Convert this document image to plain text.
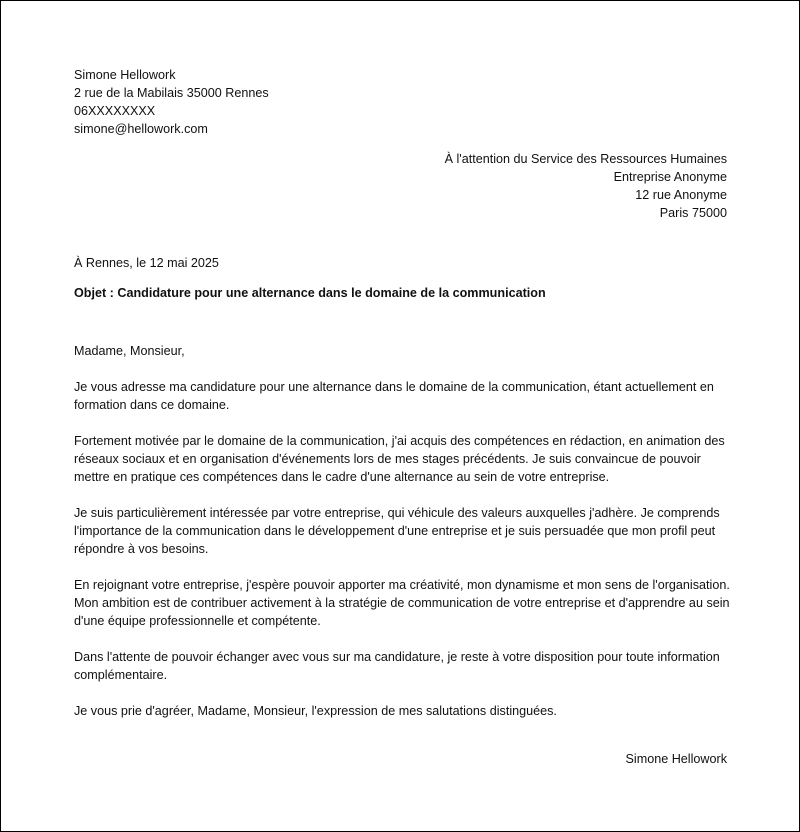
Simone Hellowork
2 rue de la Mabilais 35000 Rennes
06XXXXXXXX
simone@hellowork.com
À l'attention du Service des Ressources Humaines
Entreprise Anonyme
12 rue Anonyme
Paris 75000
À Rennes, le 12 mai 2025
Objet : Candidature pour une alternance dans le domaine de la communication

Madame, Monsieur,

Je vous adresse ma candidature pour une alternance dans le domaine de la communication, étant actuellement en formation dans ce domaine.

Fortement motivée par le domaine de la communication, j'ai acquis des compétences en rédaction, en animation des réseaux sociaux et en organisation d'événements lors de mes stages précédents. Je suis convaincue de pouvoir mettre en pratique ces compétences dans le cadre d'une alternance au sein de votre entreprise.

Je suis particulièrement intéressée par votre entreprise, qui véhicule des valeurs auxquelles j'adhère. Je comprends l'importance de la communication dans le développement d'une entreprise et je suis persuadée que mon profil peut répondre à vos besoins.

En rejoignant votre entreprise, j'espère pouvoir apporter ma créativité, mon dynamisme et mon sens de l'organisation. Mon ambition est de contribuer activement à la stratégie de communication de votre entreprise et d'apprendre au sein d'une équipe professionnelle et compétente.

Dans l'attente de pouvoir échanger avec vous sur ma candidature, je reste à votre disposition pour toute information complémentaire.

Je vous prie d'agréer, Madame, Monsieur, l'expression de mes salutations distinguées.

Simone Hellowork
